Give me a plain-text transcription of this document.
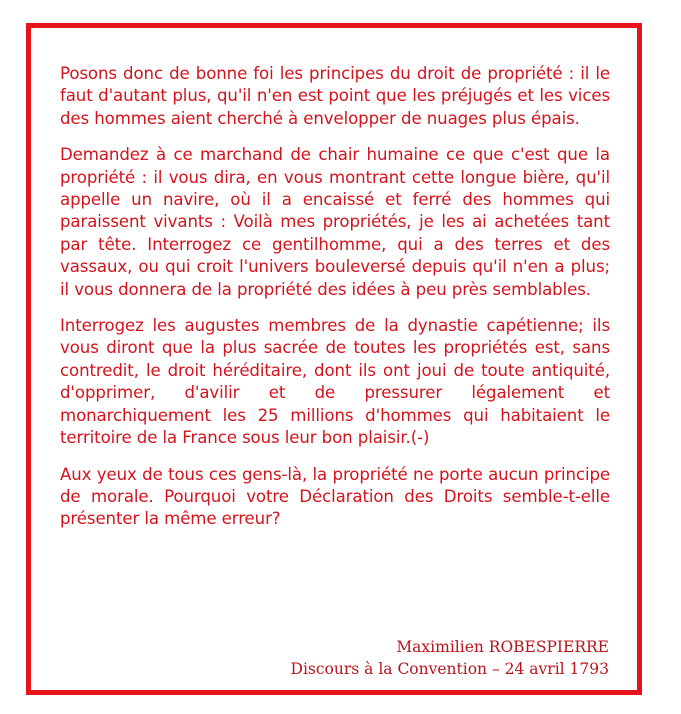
Posons donc de bonne foi les principes du droit de propriété : il le faut d'autant plus, qu'il n'en est point que les préjugés et les vices des hommes aient cherché à envelopper de nuages plus épais.

Demandez à ce marchand de chair humaine ce que c'est que la propriété : il vous dira, en vous montrant cette longue bière, qu'il appelle un navire, où il a encaissé et ferré des hommes qui paraissent vivants : Voilà mes propriétés, je les ai achetées tant par tête. Interrogez ce gentilhomme, qui a des terres et des vassaux, ou qui croit l'univers bouleversé depuis qu'il n'en a plus; il vous donnera de la propriété des idées à peu près semblables.

Interrogez les augustes membres de la dynastie capétienne; ils vous diront que la plus sacrée de toutes les propriétés est, sans contredit, le droit héréditaire, dont ils ont joui de toute antiquité, d'opprimer, d'avilir et de pressurer légalement et monarchiquement les 25 millions d'hommes qui habitaient le territoire de la France sous leur bon plaisir.(-)

Aux yeux de tous ces gens-là, la propriété ne porte aucun principe de morale. Pourquoi votre Déclaration des Droits semble-t-elle présenter la même erreur?

Maximilien ROBESPIERRE
Discours à la Convention – 24 avril 1793
